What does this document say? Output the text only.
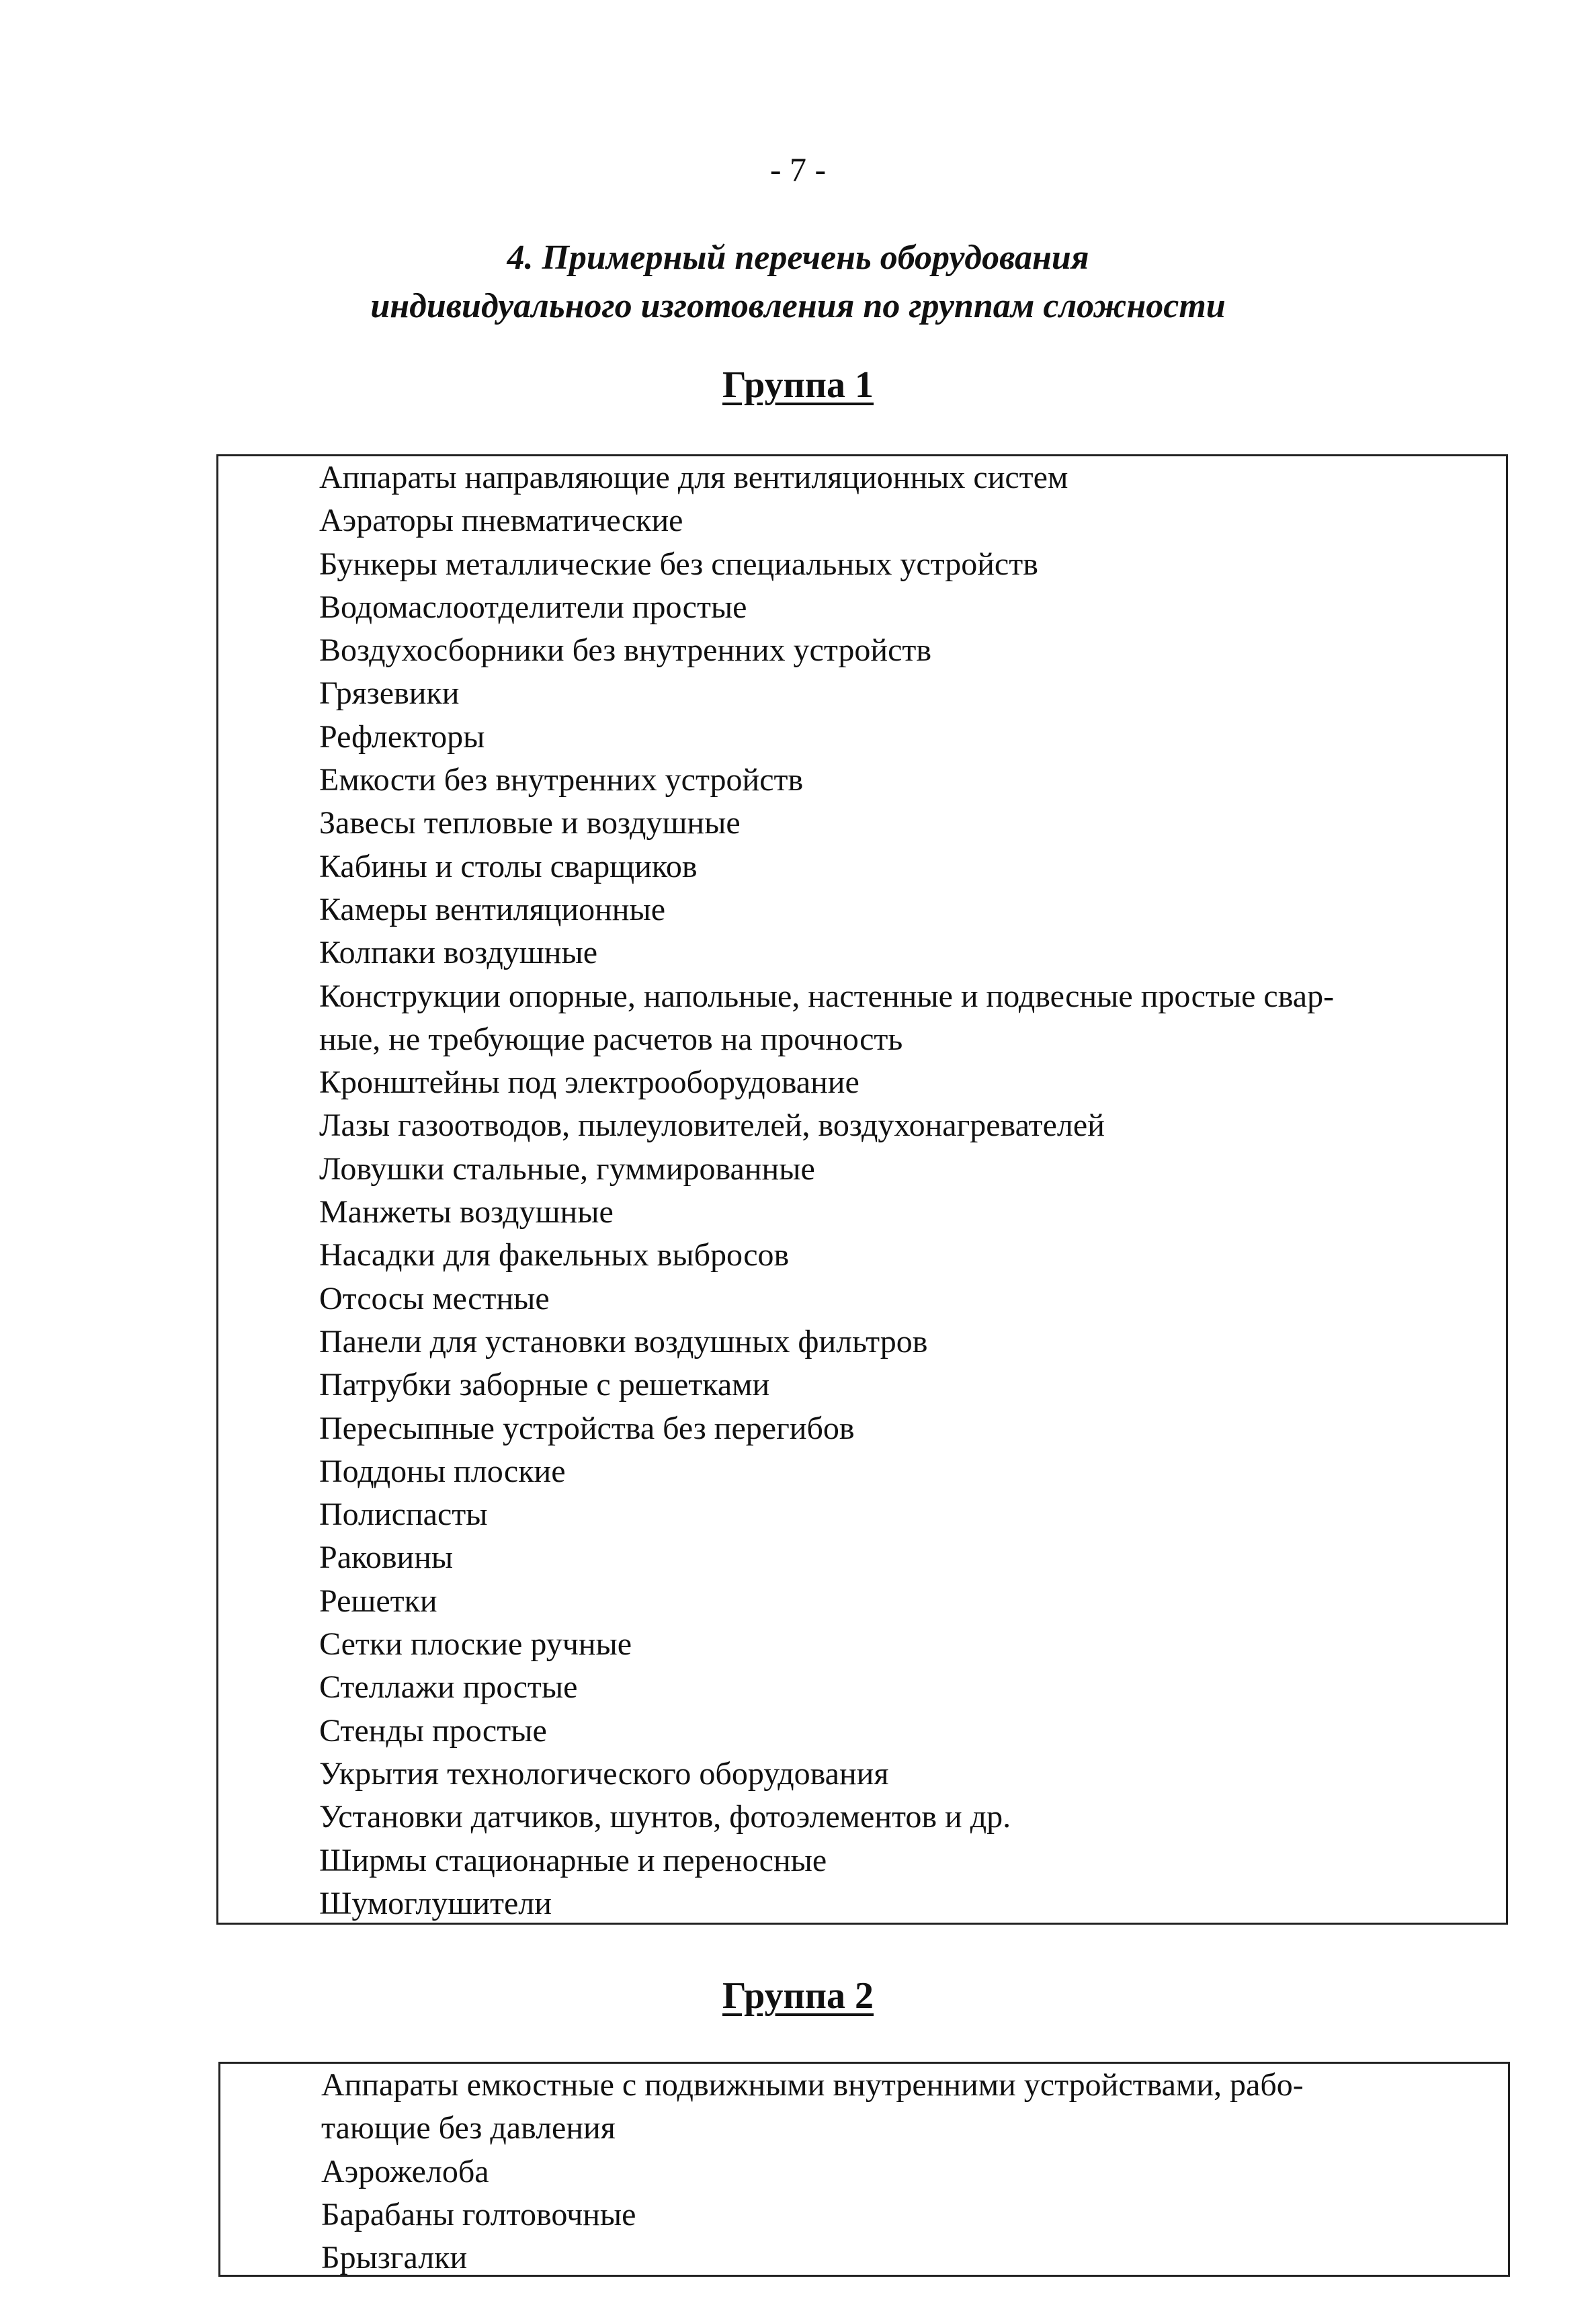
- 7 -
4. Примерный перечень оборудования
индивидуального изготовления по группам сложности
Группа 1
Аппараты направляющие для вентиляционных систем
Аэраторы пневматические
Бункеры металлические без специальных устройств
Водомаслоотделители простые
Воздухосборники без внутренних устройств
Грязевики
Рефлекторы
Емкости без внутренних устройств
Завесы тепловые и воздушные
Кабины и столы сварщиков
Камеры вентиляционные
Колпаки воздушные
Конструкции опорные, напольные, настенные и подвесные простые свар-
ные, не требующие расчетов на прочность
Кронштейны под электрооборудование
Лазы газоотводов, пылеуловителей, воздухонагревателей
Ловушки стальные, гуммированные
Манжеты воздушные
Насадки для факельных выбросов
Отсосы местные
Панели для установки воздушных фильтров
Патрубки заборные с решетками
Пересыпные устройства без перегибов
Поддоны плоские
Полиспасты
Раковины
Решетки
Сетки плоские ручные
Стеллажи простые
Стенды простые
Укрытия технологического оборудования
Установки датчиков, шунтов, фотоэлементов и др.
Ширмы стационарные и переносные
Шумоглушители
Группа 2
Аппараты емкостные с подвижными внутренними устройствами, рабо-
тающие без давления
Аэрожелоба
Барабаны голтовочные
Брызгалки
